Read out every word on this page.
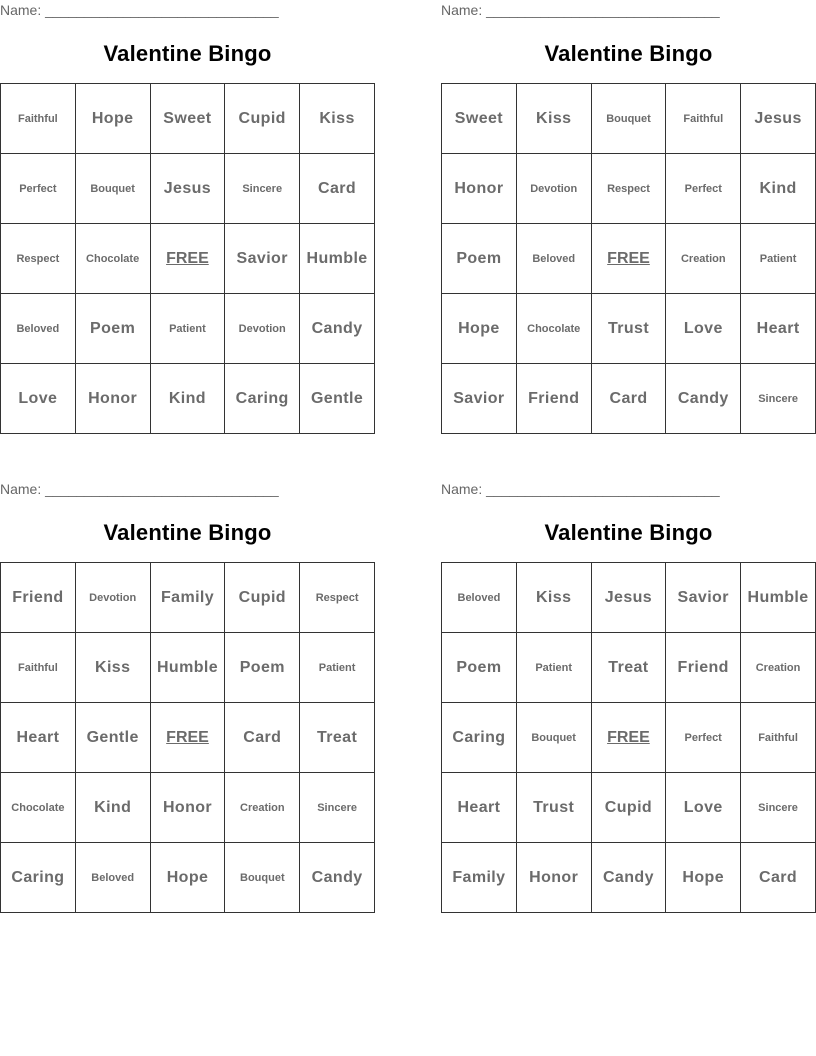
Name: ______________________________
Valentine Bingo
Faithful	Hope	Sweet	Cupid	Kiss
Perfect	Bouquet	Jesus	Sincere	Card
Respect	Chocolate	FREE	Savior	Humble
Beloved	Poem	Patient	Devotion	Candy
Love	Honor	Kind	Caring	Gentle
Name: ______________________________
Valentine Bingo
Sweet	Kiss	Bouquet	Faithful	Jesus
Honor	Devotion	Respect	Perfect	Kind
Poem	Beloved	FREE	Creation	Patient
Hope	Chocolate	Trust	Love	Heart
Savior	Friend	Card	Candy	Sincere
Name: ______________________________
Valentine Bingo
Friend	Devotion	Family	Cupid	Respect
Faithful	Kiss	Humble	Poem	Patient
Heart	Gentle	FREE	Card	Treat
Chocolate	Kind	Honor	Creation	Sincere
Caring	Beloved	Hope	Bouquet	Candy
Name: ______________________________
Valentine Bingo
Beloved	Kiss	Jesus	Savior	Humble
Poem	Patient	Treat	Friend	Creation
Caring	Bouquet	FREE	Perfect	Faithful
Heart	Trust	Cupid	Love	Sincere
Family	Honor	Candy	Hope	Card
